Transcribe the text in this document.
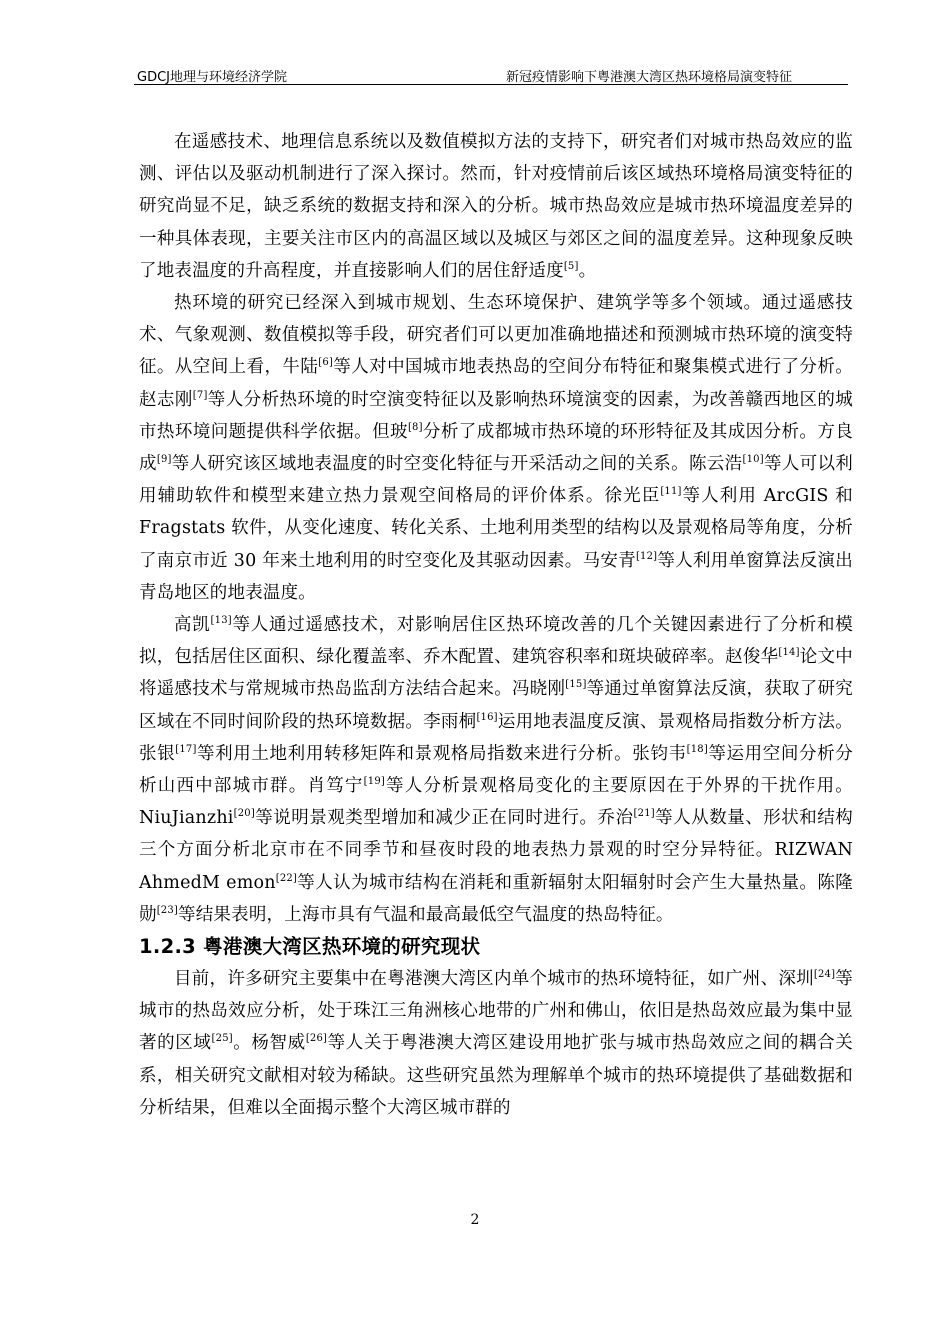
GDCJ地理与环境经济学院	新冠疫情影响下粤港澳大湾区热环境格局演变特征

在遥感技术、地理信息系统以及数值模拟方法的支持下，研究者们对城市热岛效应的监测、评估以及驱动机制进行了深入探讨。然而，针对疫情前后该区域热环境格局演变特征的研究尚显不足，缺乏系统的数据支持和深入的分析。城市热岛效应是城市热环境温度差异的一种具体表现，主要关注市区内的高温区域以及城区与郊区之间的温度差异。这种现象反映了地表温度的升高程度，并直接影响人们的居住舒适度[5]。

热环境的研究已经深入到城市规划、生态环境保护、建筑学等多个领域。通过遥感技术、气象观测、数值模拟等手段，研究者们可以更加准确地描述和预测城市热环境的演变特征。从空间上看，牛陆[6]等人对中国城市地表热岛的空间分布特征和聚集模式进行了分析。 赵志刚[7]等人分析热环境的时空演变特征以及影响热环境演变的因素，为改善赣西地区的城市热环境问题提供科学依据。但玻[8]分析了成都城市热环境的环形特征及其成因分析。方良成[9]等人研究该区域地表温度的时空变化特征与开采活动之间的关系。陈云浩[10]等人可以利用辅助软件和模型来建立热力景观空间格局的评价体系。徐光臣[11]等人利用 ArcGIS 和 Fragstats 软件，从变化速度、转化关系、土地利用类型的结构以及景观格局等角度，分析了南京市近 30 年来土地利用的时空变化及其驱动因素。马安青[12]等人利用单窗算法反演出青岛地区的地表温度。

高凯[13]等人通过遥感技术，对影响居住区热环境改善的几个关键因素进行了分析和模拟，包括居住区面积、绿化覆盖率、乔木配置、建筑容积率和斑块破碎率。赵俊华[14]论文中将遥感技术与常规城市热岛监刮方法结合起来。冯晓刚[15]等通过单窗算法反演，获取了研究区域在不同时间阶段的热环境数据。李雨桐[16]运用地表温度反演、景观格局指数分析方法。张银[17]等利用土地利用转移矩阵和景观格局指数来进行分析。张钧韦[18]等运用空间分析分析山西中部城市群。肖笃宁[19]等人分析景观格局变化的主要原因在于外界的干扰作用。NiuJianzhi[20]等说明景观类型增加和减少正在同时进行。乔治[21]等人从数量、形状和结构三个方面分析北京市在不同季节和昼夜时段的地表热力景观的时空分异特征。RIZWAN AhmedM emon[22]等人认为城市结构在消耗和重新辐射太阳辐射时会产生大量热量。陈隆勋[23]等结果表明，上海市具有气温和最高最低空气温度的热岛特征。

1.2.3 粤港澳大湾区热环境的研究现状

目前，许多研究主要集中在粤港澳大湾区内单个城市的热环境特征，如广州、深圳[24]等城市的热岛效应分析，处于珠江三角洲核心地带的广州和佛山，依旧是热岛效应最为集中显著的区域[25]。杨智威[26]等人关于粤港澳大湾区建设用地扩张与城市热岛效应之间的耦合关系，相关研究文献相对较为稀缺。这些研究虽然为理解单个城市的热环境提供了基础数据和分析结果，但难以全面揭示整个大湾区城市群的

2
